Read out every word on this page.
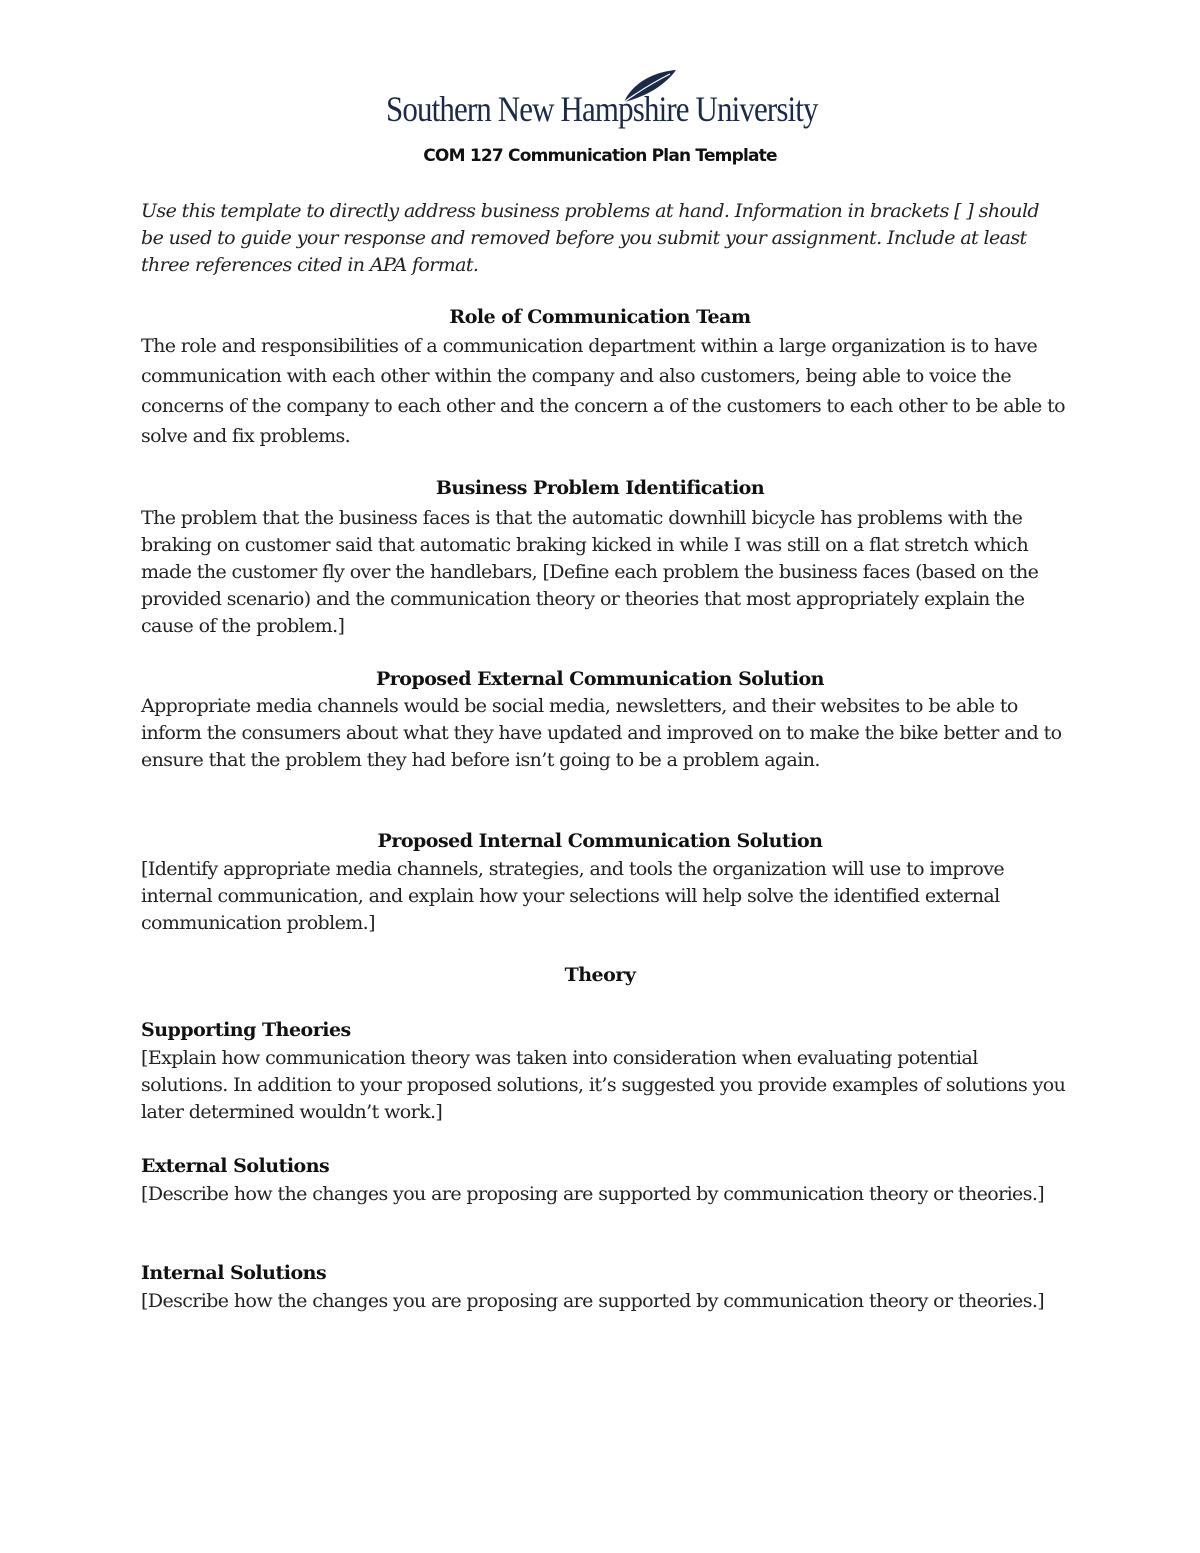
Southern New Hampshire University
COM 127 Communication Plan Template
Use this template to directly address business problems at hand. Information in brackets [ ] should be used to guide your response and removed before you submit your assignment. Include at least three references cited in APA format.
Role of Communication Team
The role and responsibilities of a communication department within a large organization is to have communication with each other within the company and also customers, being able to voice the concerns of the company to each other and the concern a of the customers to each other to be able to solve and fix problems.
Business Problem Identification
The problem that the business faces is that the automatic downhill bicycle has problems with the braking on customer said that automatic braking kicked in while I was still on a flat stretch which made the customer fly over the handlebars, [Define each problem the business faces (based on the provided scenario) and the communication theory or theories that most appropriately explain the cause of the problem.]
Proposed External Communication Solution
Appropriate media channels would be social media, newsletters, and their websites to be able to inform the consumers about what they have updated and improved on to make the bike better and to ensure that the problem they had before isn’t going to be a problem again.
Proposed Internal Communication Solution
[Identify appropriate media channels, strategies, and tools the organization will use to improve internal communication, and explain how your selections will help solve the identified external communication problem.]
Theory
Supporting Theories
[Explain how communication theory was taken into consideration when evaluating potential solutions. In addition to your proposed solutions, it’s suggested you provide examples of solutions you later determined wouldn’t work.]
External Solutions
[Describe how the changes you are proposing are supported by communication theory or theories.]
Internal Solutions
[Describe how the changes you are proposing are supported by communication theory or theories.]
